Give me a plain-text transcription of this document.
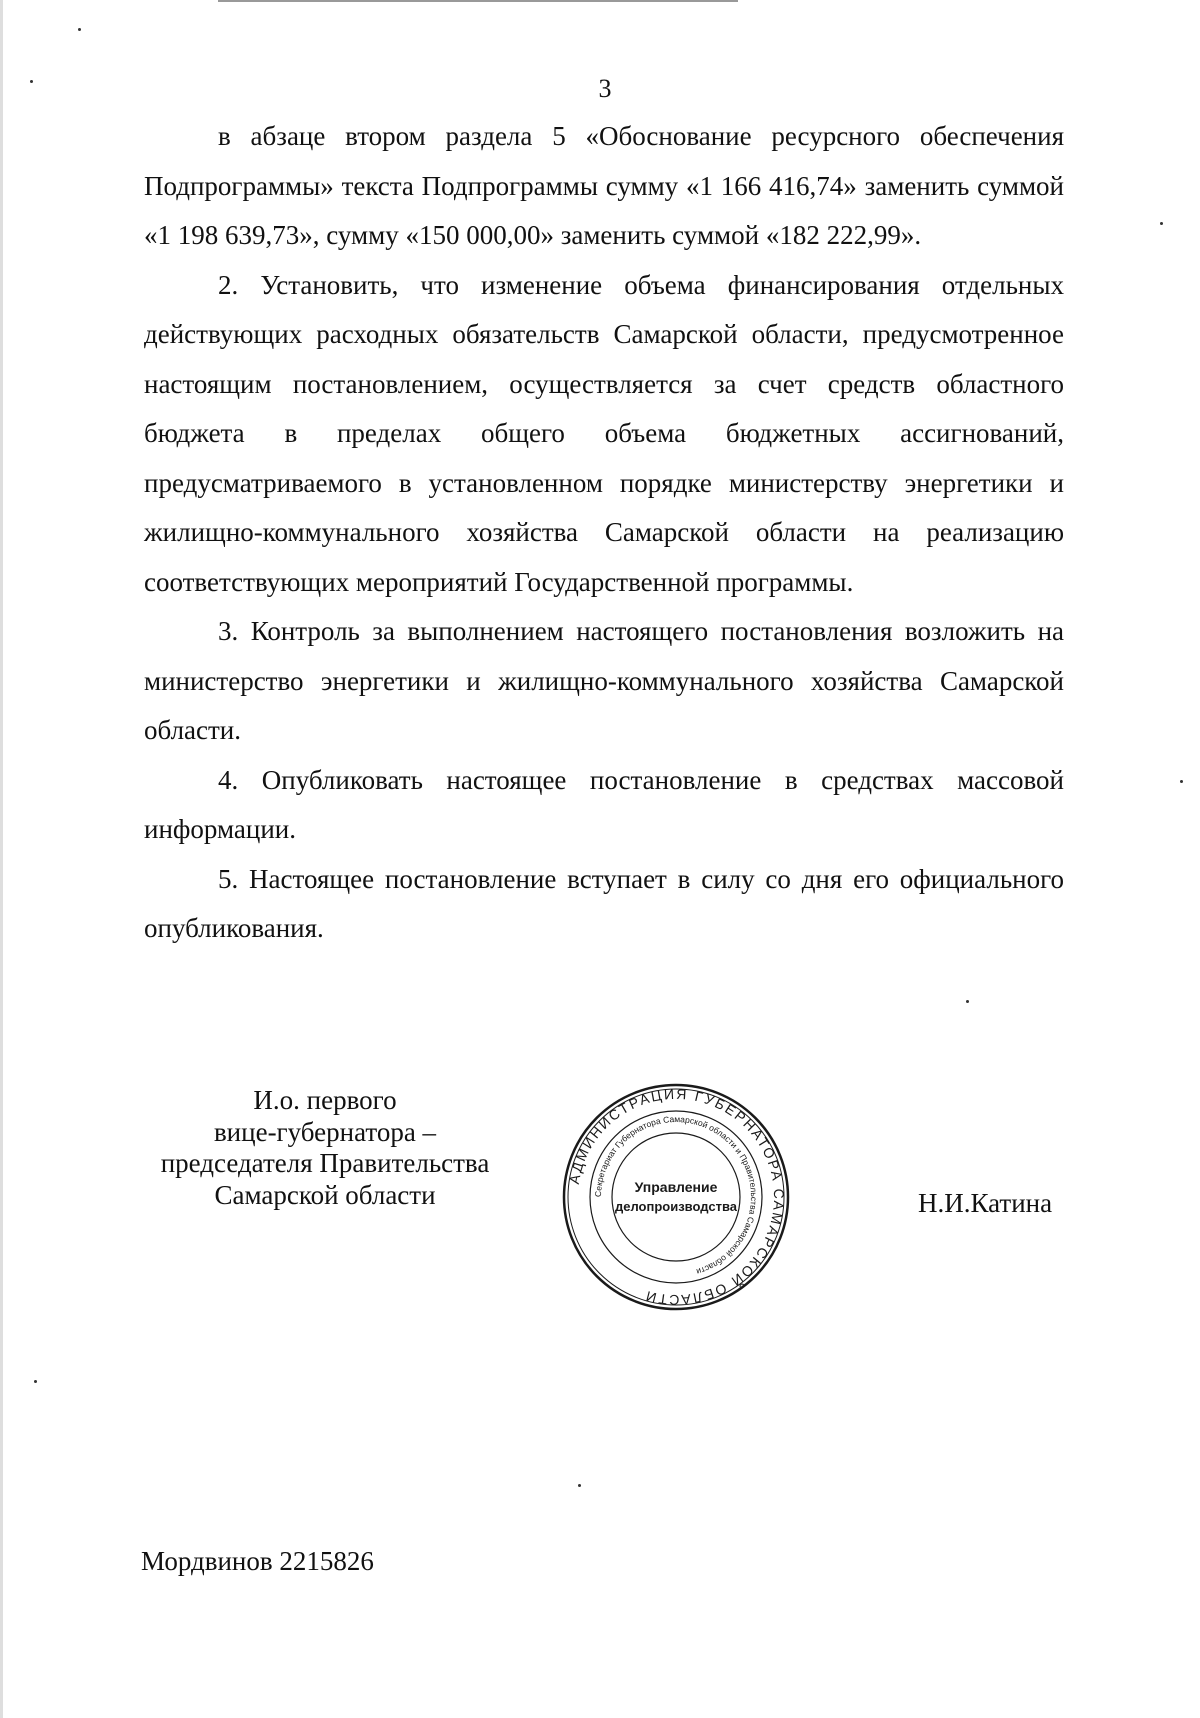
3

в абзаце втором раздела 5 «Обоснование ресурсного обеспечения Подпрограммы» текста Подпрограммы сумму «1 166 416,74» заменить суммой «1 198 639,73», сумму «150 000,00» заменить суммой «182 222,99».

2. Установить, что изменение объема финансирования отдельных действующих расходных обязательств Самарской области, предусмотренное настоящим постановлением, осуществляется за счет средств областного бюджета в пределах общего объема бюджетных ассигнований, предусматриваемого в установленном порядке министерству энергетики и жилищно-коммунального хозяйства Самарской области на реализацию соответствующих мероприятий Государственной программы.

3. Контроль за выполнением настоящего постановления возложить на министерство энергетики и жилищно-коммунального хозяйства Самарской области.

4. Опубликовать настоящее постановление в средствах массовой информации.

5. Настоящее постановление вступает в силу со дня его официального опубликования.

И.о. первого
вице-губернатора –
председателя Правительства
Самарской области
АДМИНИСТРАЦИЯ ГУБЕРНАТОРА САМАРСКОЙ ОБЛАСТИ
Секретариат Губернатора Самарской области и Правительства Самарской области
Управление
делопроизводства	Н.И.Катина
Мордвинов 2215826
